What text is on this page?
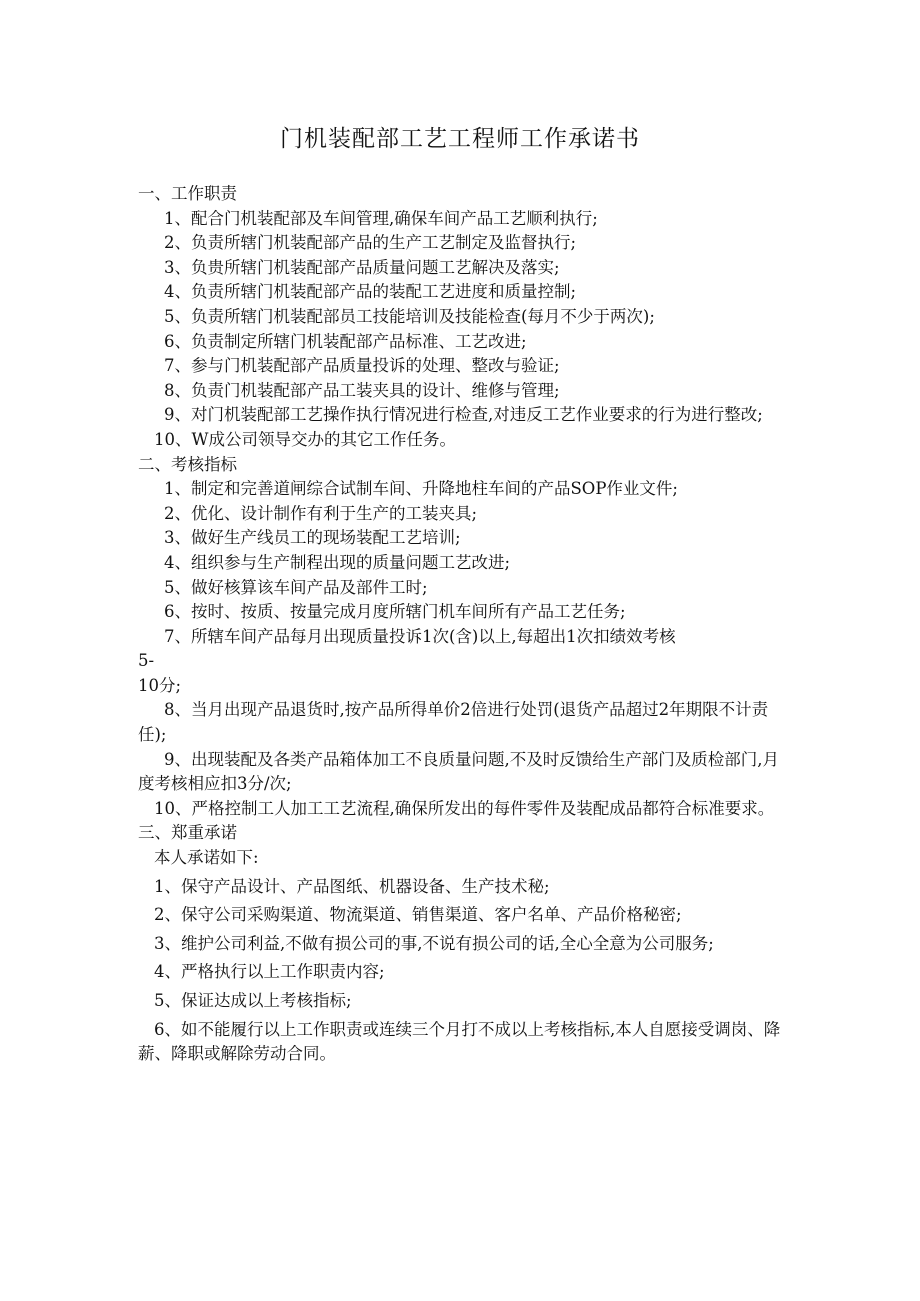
门机装配部工艺工程师工作承诺书

一、工作职责

1、配合门机装配部及车间管理,确保车间产品工艺顺利执行;

2、负责所辖门机装配部产品的生产工艺制定及监督执行;

3、负贵所辖门机装配部产品质量问题工艺解决及落实;

4、负责所辖门机装配部产品的装配工艺进度和质量控制;

5、负责所辖门机装配部员工技能培训及技能检查(每月不少于两次);

6、负责制定所辖门机装配部产品标准、工艺改进;

7、参与门机装配部产品质量投诉的处理、整改与验证;

8、负责门机装配部产品工装夹具的设计、维修与管理;

9、对门机装配部工艺操作执行情况进行检查,对违反工艺作业要求的行为进行整改;

10、W成公司领导交办的其它工作任务。

二、考核指标

1、制定和完善道闸综合试制车间、升降地柱车间的产品SOP作业文件;

2、优化、设计制作有利于生产的工装夹具;

3、做好生产线员工的现场装配工艺培训;

4、组织参与生产制程出现的质量问题工艺改进;

5、做好核算该车间产品及部件工时;

6、按时、按质、按量完成月度所辖门机车间所有产品工艺任务;

7、所辖车间产品每月出现质量投诉1次(含)以上,每超出1次扣绩效考核

5-

10分;

8、当月出现产品退货时,按产品所得单价2倍进行处罚(退货产品超过2年期限不计责任);

9、出现装配及各类产品箱体加工不良质量问题,不及时反馈给生产部门及质检部门,月度考核相应扣3分/次;

10、严格控制工人加工工艺流程,确保所发出的每件零件及装配成品都符合标准要求。

三、郑重承诺

本人承诺如下:

1、保守产品设计、产品图纸、机器设备、生产技术秘;

2、保守公司采购渠道、物流渠道、销售渠道、客户名单、产品价格秘密;

3、维护公司利益,不做有损公司的事,不说有损公司的话,全心全意为公司服务;

4、严格执行以上工作职责内容;

5、保证达成以上考核指标;

6、如不能履行以上工作职责或连续三个月打不成以上考核指标,本人自愿接受调岗、降薪、降职或解除劳动合同。
